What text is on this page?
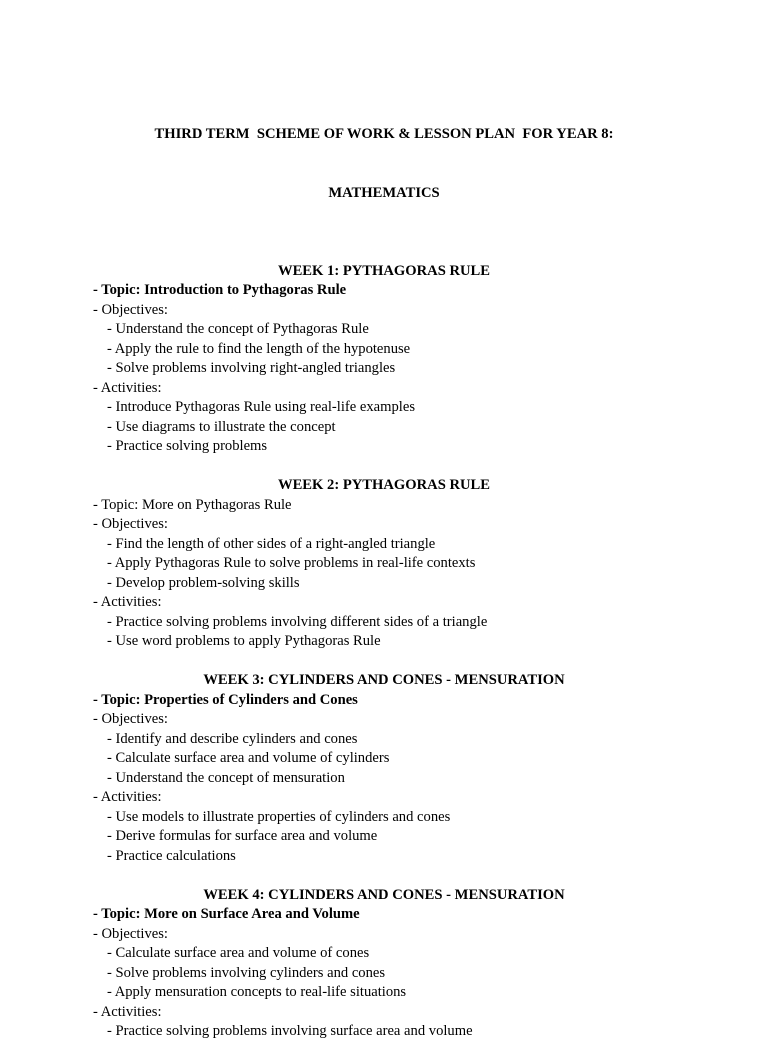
THIRD TERM  SCHEME OF WORK & LESSON PLAN  FOR YEAR 8:

MATHEMATICS

WEEK 1: PYTHAGORAS RULE

- Topic: Introduction to Pythagoras Rule

- Objectives:

- Understand the concept of Pythagoras Rule

- Apply the rule to find the length of the hypotenuse

- Solve problems involving right-angled triangles

- Activities:

- Introduce Pythagoras Rule using real-life examples

- Use diagrams to illustrate the concept

- Practice solving problems

WEEK 2: PYTHAGORAS RULE

- Topic: More on Pythagoras Rule

- Objectives:

- Find the length of other sides of a right-angled triangle

- Apply Pythagoras Rule to solve problems in real-life contexts

- Develop problem-solving skills

- Activities:

- Practice solving problems involving different sides of a triangle

- Use word problems to apply Pythagoras Rule

WEEK 3: CYLINDERS AND CONES - MENSURATION

- Topic: Properties of Cylinders and Cones

- Objectives:

- Identify and describe cylinders and cones

- Calculate surface area and volume of cylinders

- Understand the concept of mensuration

- Activities:

- Use models to illustrate properties of cylinders and cones

- Derive formulas for surface area and volume

- Practice calculations

WEEK 4: CYLINDERS AND CONES - MENSURATION

- Topic: More on Surface Area and Volume

- Objectives:

- Calculate surface area and volume of cones

- Solve problems involving cylinders and cones

- Apply mensuration concepts to real-life situations

- Activities:

- Practice solving problems involving surface area and volume
